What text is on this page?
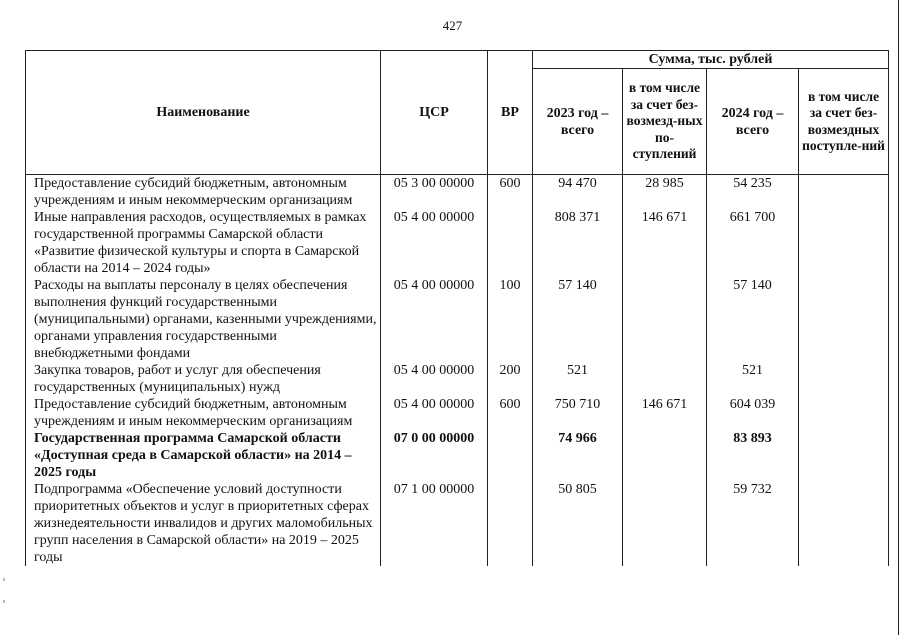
427
Наименование	ЦСР	ВР	Сумма, тыс. рублей			
			2023 год – всего	в том числе за счет без-возмезд-ных по-ступлений	2024 год – всего	в том числе за счет без-возмездных поступле-ний
Предоставление субсидий бюджетным, автономным учреждениям и иным некоммерческим организациям	05 3 00 00000	600	94 470	28 985	54 235	
Иные направления расходов, осуществляемых в рамках государственной программы Самарской области «Развитие физической культуры и спорта в Самарской области на 2014 – 2024 годы»	05 4 00 00000		808 371	146 671	661 700	
Расходы на выплаты персоналу в целях обеспечения выполнения функций государственными (муниципальными) органами, казенными учреждениями, органами управления государственными внебюджетными фондами	05 4 00 00000	100	57 140		57 140	
Закупка товаров, работ и услуг для обеспечения государственных (муниципальных) нужд	05 4 00 00000	200	521		521	
Предоставление субсидий бюджетным, автономным учреждениям и иным некоммерческим организациям	05 4 00 00000	600	750 710	146 671	604 039	
Государственная программа Самарской области «Доступная среда в Самарской области» на 2014 – 2025 годы	07 0 00 00000		74 966		83 893	
Подпрограмма «Обеспечение условий доступности приоритетных объектов и услуг в приоритетных сферах жизнедеятельности инвалидов и других маломобильных групп населения в Самарской области» на 2019 – 2025 годы	07 1 00 00000		50 805		59 732	
